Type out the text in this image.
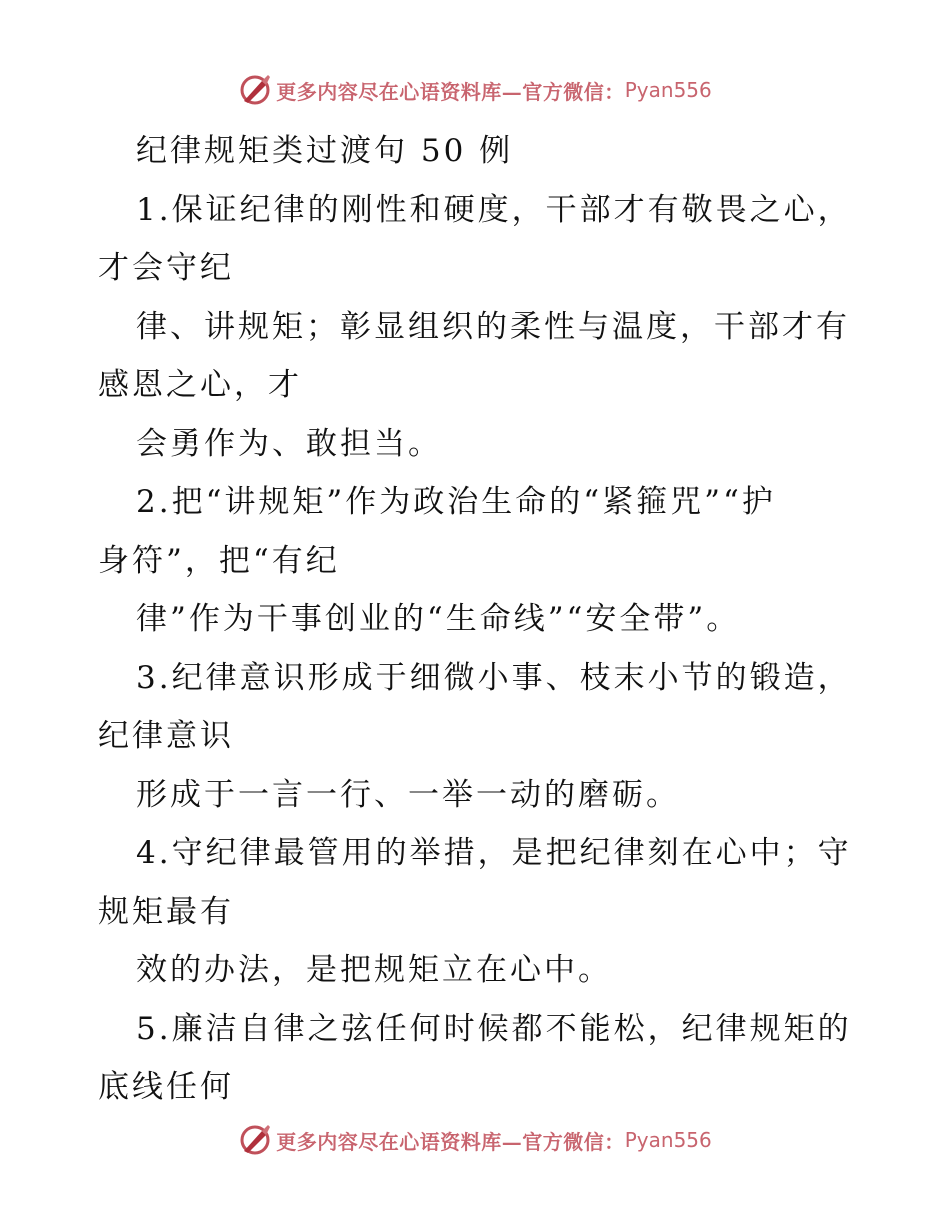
更多内容尽在心语资料库—官方微信： Pyan556
纪律规矩类过渡句 50 例
1.保证纪律的刚性和硬度，干部才有敬畏之心，
才会守纪
律、讲规矩；彰显组织的柔性与温度，干部才有
感恩之心，才
会勇作为、敢担当。
2.把“讲规矩”作为政治生命的“紧箍咒”“护
身符”，把“有纪
律”作为干事创业的“生命线”“安全带”。
3.纪律意识形成于细微小事、枝末小节的锻造，
纪律意识
形成于一言一行、一举一动的磨砺。
4.守纪律最管用的举措，是把纪律刻在心中；守
规矩最有
效的办法，是把规矩立在心中。
5.廉洁自律之弦任何时候都不能松，纪律规矩的
底线任何
更多内容尽在心语资料库—官方微信： Pyan556
